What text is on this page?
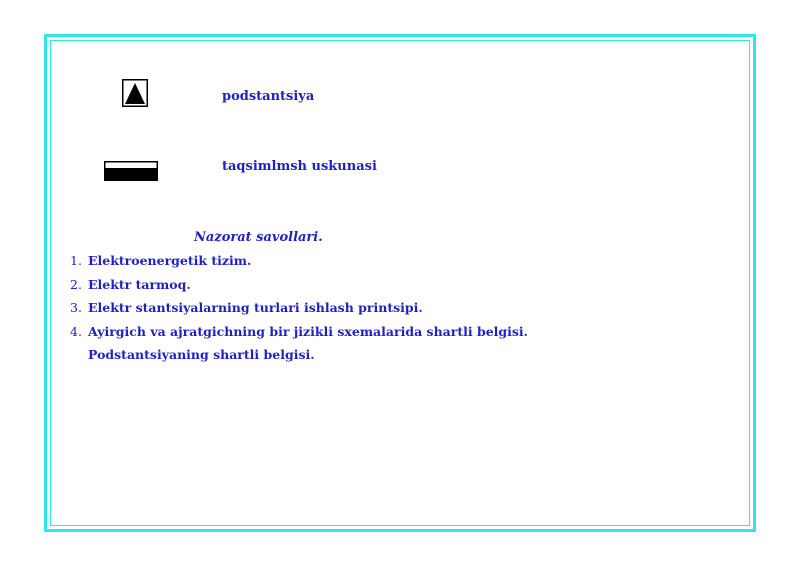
podstantsiya
taqsimlmsh uskunasi
Nazorat savollari.
1. Elektroenergetik tizim.
2. Elektr tarmoq.
3. Elektr stantsiyalarning turlari ishlash printsipi.
4. Ayirgich va ajratgichning bir jizikli sxemalarida shartli belgisi.
Podstantsiyaning shartli belgisi.
